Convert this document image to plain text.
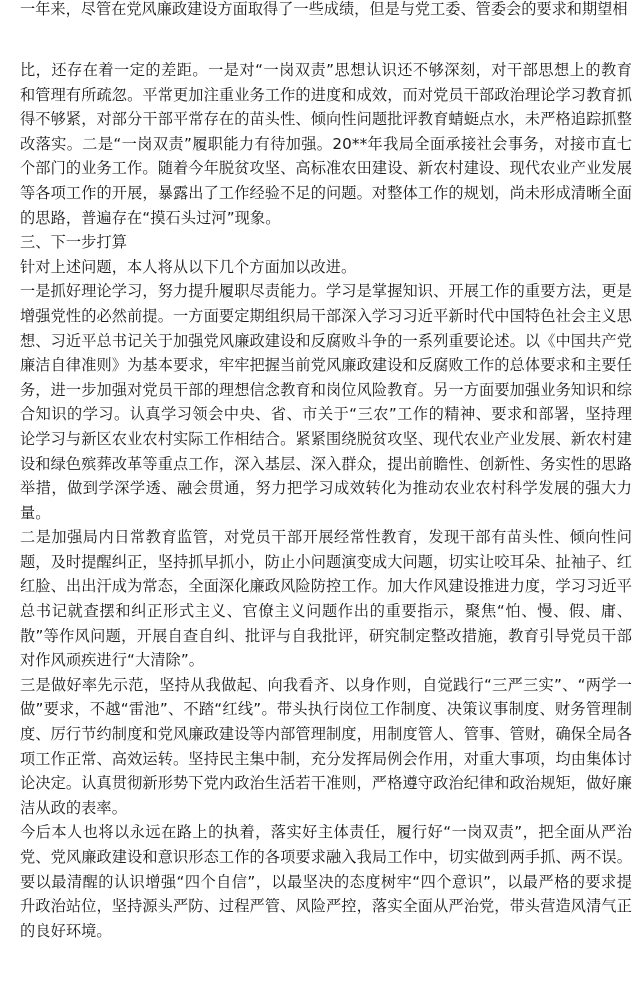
一年来，尽管在党风廉政建设方面取得了一些成绩，但是与党工委、管委会的要求和期望相

比，还存在着一定的差距。一是对“一岗双责”思想认识还不够深刻，对干部思想上的教育和管理有所疏忽。平常更加注重业务工作的进度和成效，而对党员干部政治理论学习教育抓得不够紧，对部分干部平常存在的苗头性、倾向性问题批评教育蜻蜓点水，未严格追踪抓整改落实。二是“一岗双责”履职能力有待加强。20**年我局全面承接社会事务，对接市直七个部门的业务工作。随着今年脱贫攻坚、高标准农田建设、新农村建设、现代农业产业发展等各项工作的开展，暴露出了工作经验不足的问题。对整体工作的规划，尚未形成清晰全面的思路，普遍存在“摸石头过河”现象。

三、下一步打算

针对上述问题，本人将从以下几个方面加以改进。

一是抓好理论学习，努力提升履职尽责能力。学习是掌握知识、开展工作的重要方法，更是增强党性的必然前提。一方面要定期组织局干部深入学习习近平新时代中国特色社会主义思想、习近平总书记关于加强党风廉政建设和反腐败斗争的一系列重要论述。以《中国共产党廉洁自律准则》为基本要求，牢牢把握当前党风廉政建设和反腐败工作的总体要求和主要任务，进一步加强对党员干部的理想信念教育和岗位风险教育。另一方面要加强业务知识和综合知识的学习。认真学习领会中央、省、市关于“三农”工作的精神、要求和部署，坚持理论学习与新区农业农村实际工作相结合。紧紧围绕脱贫攻坚、现代农业产业发展、新农村建设和绿色殡葬改革等重点工作，深入基层、深入群众，提出前瞻性、创新性、务实性的思路举措，做到学深学透、融会贯通，努力把学习成效转化为推动农业农村科学发展的强大力量。

二是加强局内日常教育监管，对党员干部开展经常性教育，发现干部有苗头性、倾向性问题，及时提醒纠正，坚持抓早抓小，防止小问题演变成大问题，切实让咬耳朵、扯袖子、红红脸、出出汗成为常态，全面深化廉政风险防控工作。加大作风建设推进力度，学习习近平总书记就查摆和纠正形式主义、官僚主义问题作出的重要指示，聚焦“怕、慢、假、庸、散”等作风问题，开展自查自纠、批评与自我批评，研究制定整改措施，教育引导党员干部对作风顽疾进行“大清除”。

三是做好率先示范，坚持从我做起、向我看齐、以身作则，自觉践行“三严三实”、“两学一做”要求，不越“雷池”、不踏“红线”。带头执行岗位工作制度、决策议事制度、财务管理制度、厉行节约制度和党风廉政建设等内部管理制度，用制度管人、管事、管财，确保全局各项工作正常、高效运转。坚持民主集中制，充分发挥局例会作用，对重大事项，均由集体讨论决定。认真贯彻新形势下党内政治生活若干准则，严格遵守政治纪律和政治规矩，做好廉洁从政的表率。

今后本人也将以永远在路上的执着，落实好主体责任，履行好“一岗双责”，把全面从严治党、党风廉政建设和意识形态工作的各项要求融入我局工作中，切实做到两手抓、两不误。要以最清醒的认识增强“四个自信”，以最坚决的态度树牢“四个意识”，以最严格的要求提升政治站位，坚持源头严防、过程严管、风险严控，落实全面从严治党，带头营造风清气正的良好环境。
